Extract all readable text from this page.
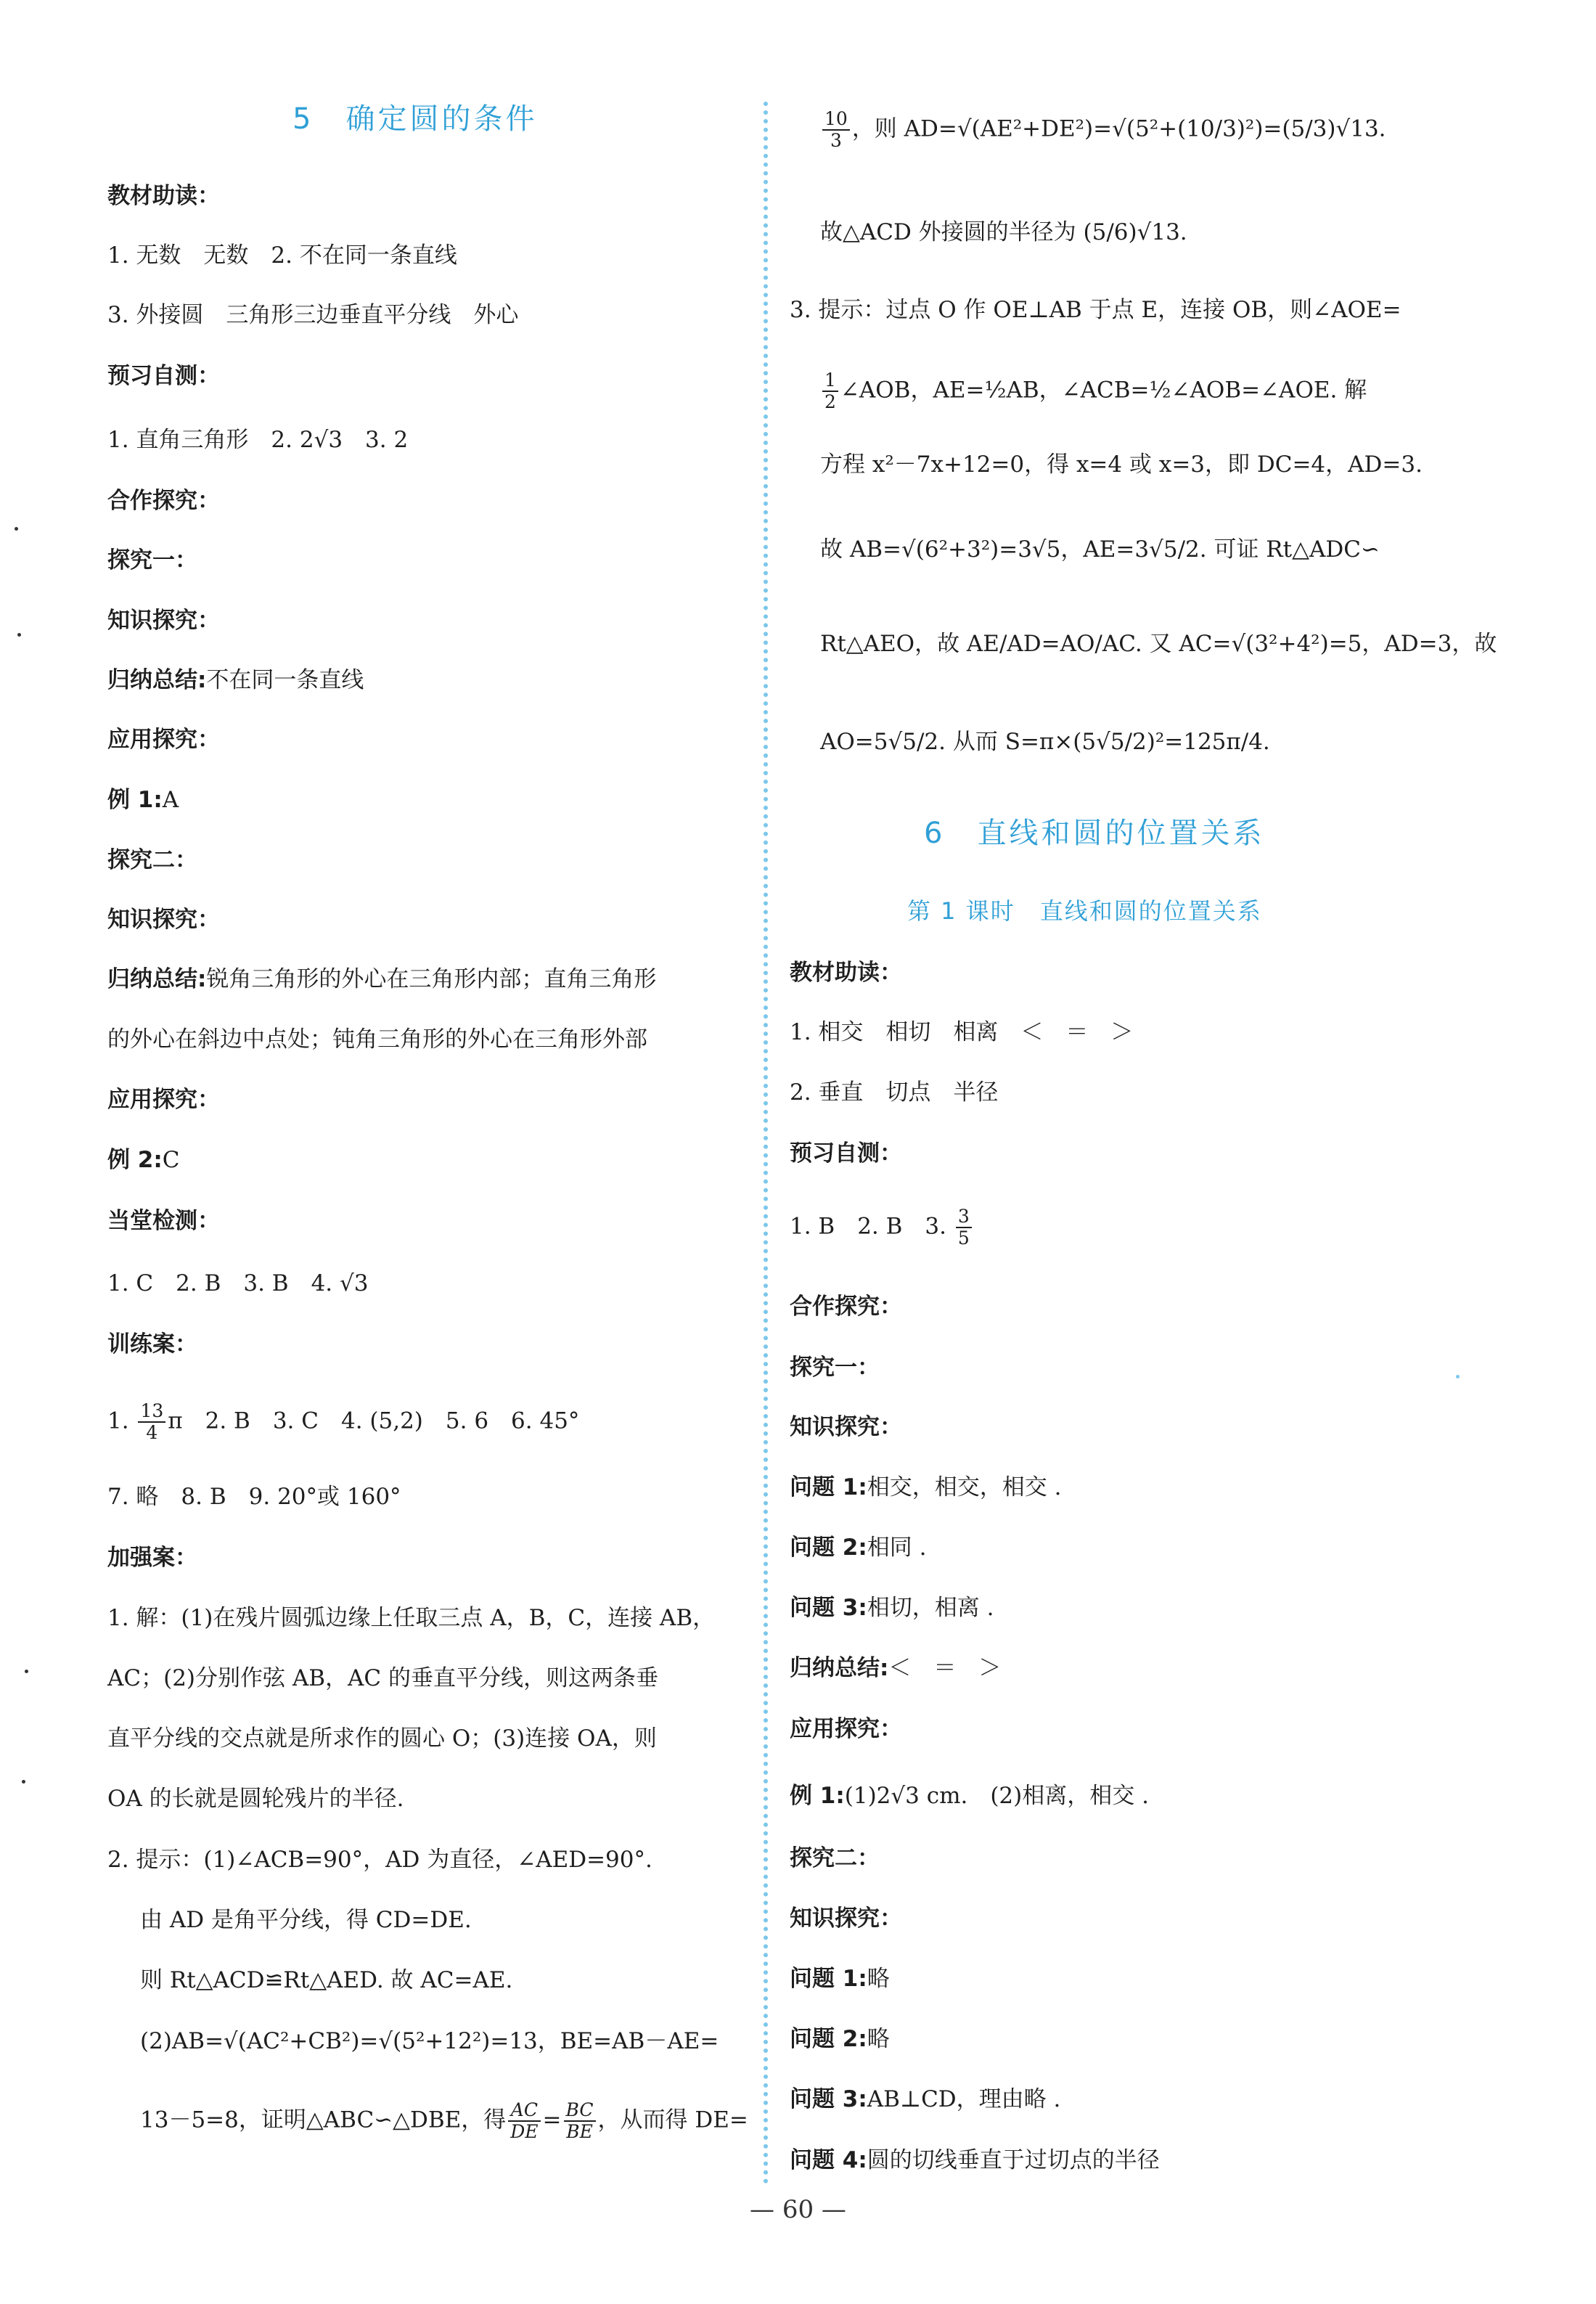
5　确定圆的条件
教材助读：
1. 无数　无数　2. 不在同一条直线
3. 外接圆　三角形三边垂直平分线　外心
预习自测：
1. 直角三角形　2. 2√3　3. 2
合作探究：
探究一：
知识探究：
归纳总结:不在同一条直线
应用探究：
例 1:A
探究二：
知识探究：
归纳总结:锐角三角形的外心在三角形内部；直角三角形
的外心在斜边中点处；钝角三角形的外心在三角形外部
应用探究：
例 2:C
当堂检测：
1. C　2. B　3. B　4. √3
训练案：
1. $\frac{13}{4}$ π　2. B　3. C　4. (5,2)　5. 6　6. 45°
7. 略　8. B　9. 20°或 160°
加强案：
1. 解：(1)在残片圆弧边缘上任取三点 A，B，C，连接 AB，
AC；(2)分别作弦 AB，AC 的垂直平分线，则这两条垂
直平分线的交点就是所求作的圆心 O；(3)连接 OA，则
OA 的长就是圆轮残片的半径.
2. 提示：(1)∠ACB=90°，AD 为直径，∠AED=90°.
由 AD 是角平分线，得 CD=DE.
则 Rt△ACD≌Rt△AED. 故 AC=AE.
(2)AB=√(AC²+CB²)=√(5²+12²)=13，BE=AB－AE=
13－5=8，证明△ABC∽△DBE，得 $\frac{AC}{DE} = \frac{BC}{BE}$ ，从而得 DE=
$\frac{10}{3}$ ，则 AD=√(AE²+DE²)=√(5²+(10/3)²)=(5/3)√13.
故△ACD 外接圆的半径为 (5/6)√13.
3. 提示：过点 O 作 OE⊥AB 于点 E，连接 OB，则∠AOE=
$\frac{1}{2}$ ∠AOB，AE=½AB，∠ACB=½∠AOB=∠AOE. 解
方程 x²－7x+12=0，得 x=4 或 x=3，即 DC=4，AD=3.
故 AB=√(6²+3²)=3√5，AE=3√5/2. 可证 Rt△ADC∽
Rt△AEO，故 AE/AD=AO/AC. 又 AC=√(3²+4²)=5，AD=3，故
AO=5√5/2. 从而 S=π×(5√5/2)²=125π/4.
6　直线和圆的位置关系
第 1 课时　直线和圆的位置关系
教材助读：
1. 相交　相切　相离　＜　＝　＞
2. 垂直　切点　半径
预习自测：
1. B　2. B　3. $\frac{3}{5}$
合作探究：
探究一：
知识探究：
问题 1:相交，相交，相交 .
问题 2:相同 .
问题 3:相切，相离 .
归纳总结:＜　＝　＞
应用探究：
例 1:(1)2√3 cm.　(2)相离，相交 .
探究二：
知识探究：
问题 1:略
问题 2:略
问题 3:AB⊥CD，理由略 .
问题 4:圆的切线垂直于过切点的半径
— 60 —
